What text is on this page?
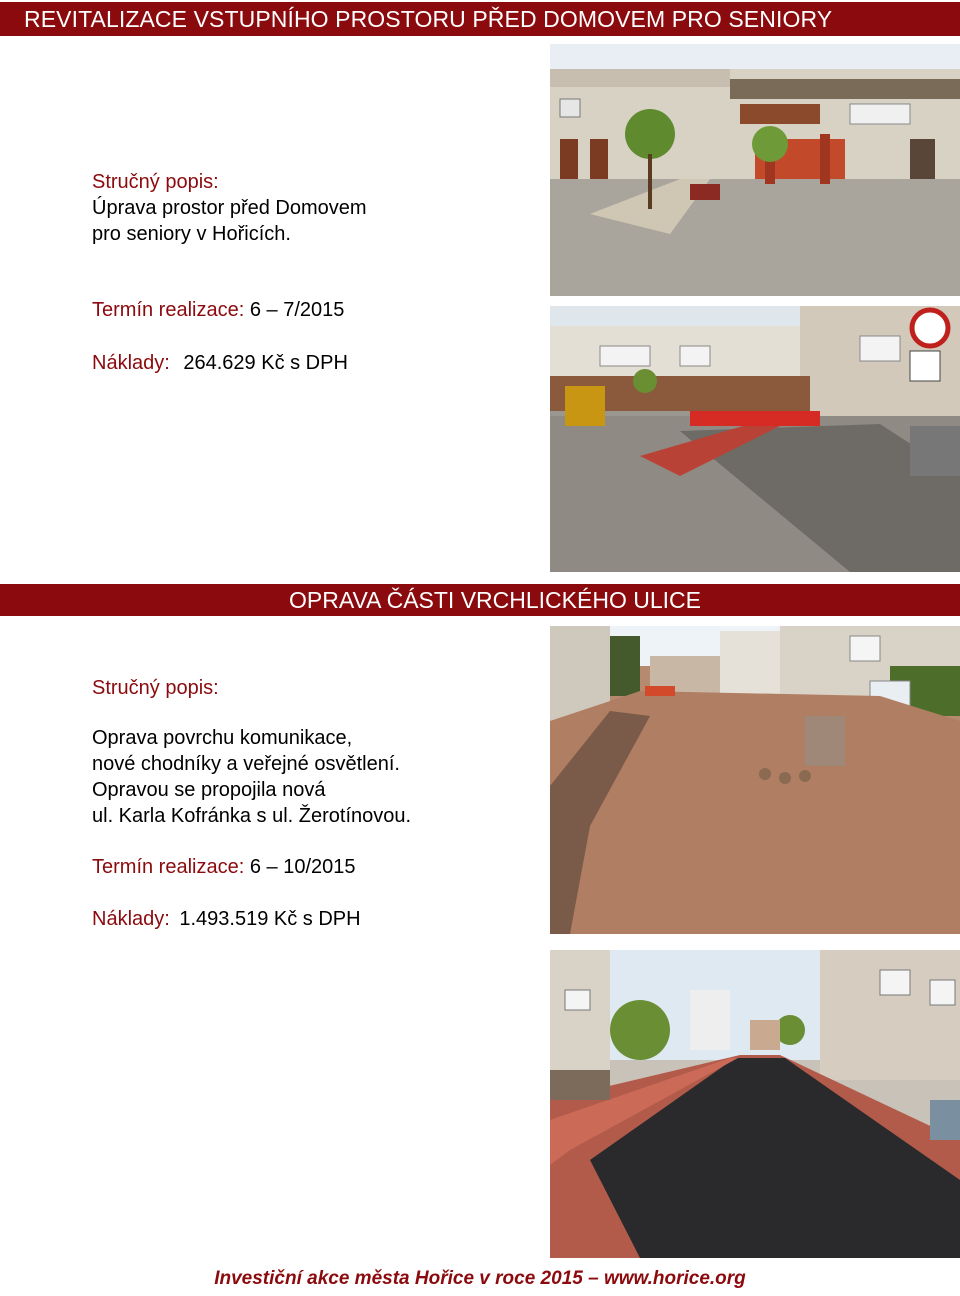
REVITALIZACE VSTUPNÍHO PROSTORU PŘED DOMOVEM PRO SENIORY
Stručný popis:
Úprava prostor před Domovem
pro seniory v Hořicích.
Termín realizace: 6 – 7/2015
Náklady: 264.629 Kč s DPH
OPRAVA ČÁSTI VRCHLICKÉHO ULICE
Stručný popis:
Oprava povrchu komunikace,
nové chodníky a veřejné osvětlení.
Opravou se propojila nová
ul. Karla Kofránka s ul. Žerotínovou.
Termín realizace: 6 – 10/2015
Náklady: 1.493.519 Kč s DPH
Investiční akce města Hořice v roce 2015 – www.horice.org
